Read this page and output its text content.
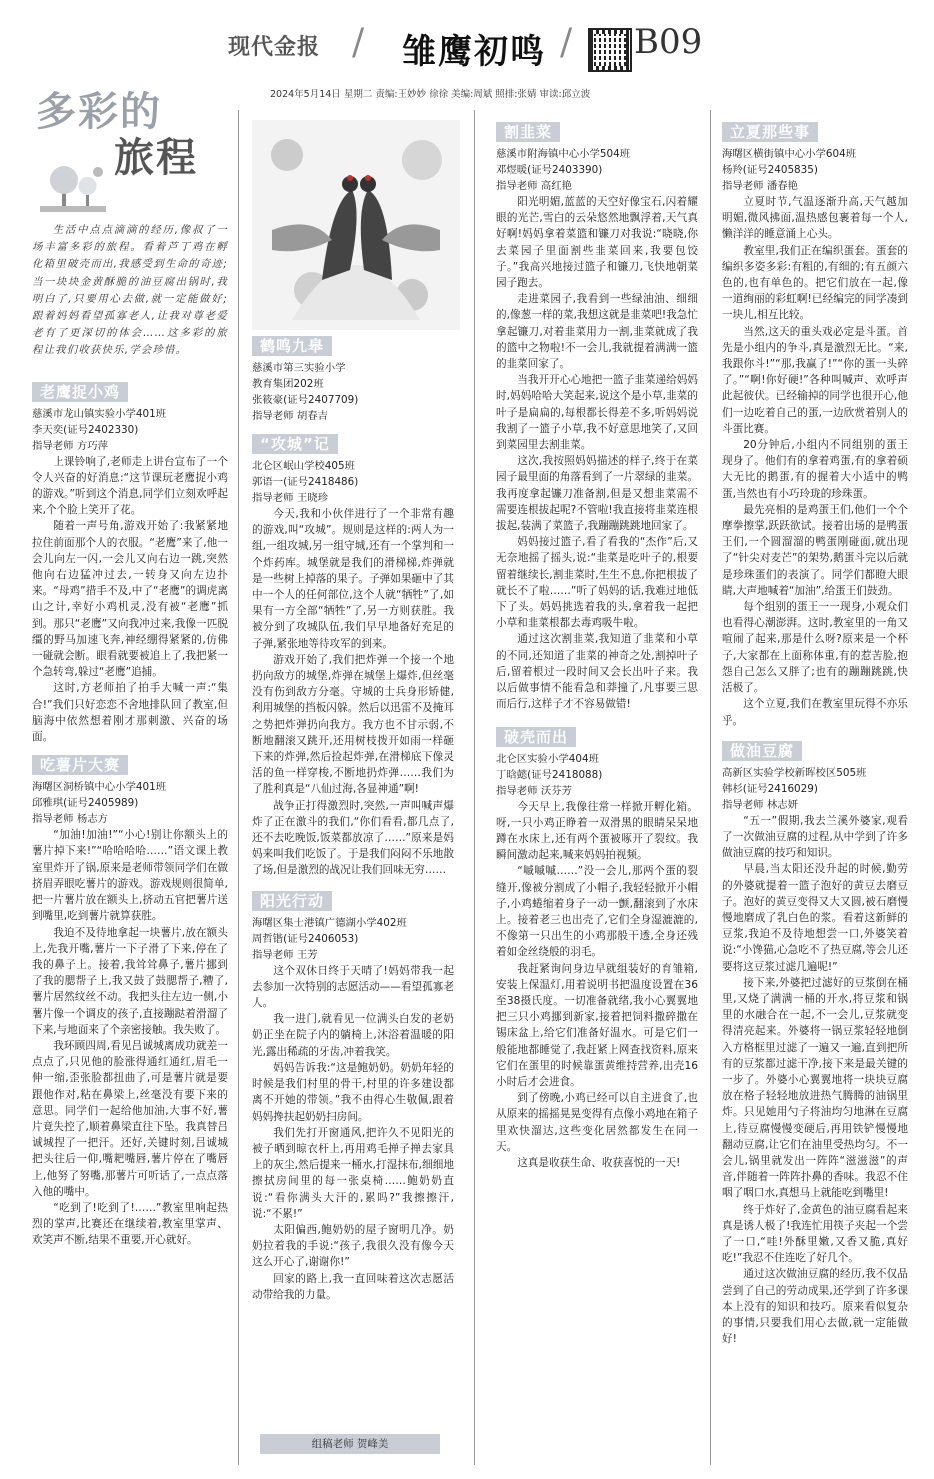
现代金报 / 雏鹰初鸣 / B09
2024年5月14日 星期二 责编:王妙妙 徐徐 美编:周斌 照排:张婧 审读:邱立波
多彩的
旅程
生活中点点滴滴的经历,像叔了一场丰富多彩的旅程。看着芦丁鸡在孵化箱里破壳而出,我感受到生命的奇迹;当一块块金黄酥脆的油豆腐出锅时,我明白了,只要用心去做,就一定能做好;跟着妈妈看望孤寡老人,让我对尊老爱老有了更深切的体会……这多彩的旅程让我们收获快乐,学会珍惜。
老鹰捉小鸡
慈溪市龙山镇实验小学401班
李天奕(证号2402330)
指导老师 方巧萍

上课铃响了,老师走上讲台宣布了一个令人兴奋的好消息:“这节课玩老鹰捉小鸡的游戏。”听到这个消息,同学们立刻欢呼起来,个个脸上笑开了花。

随着一声号角,游戏开始了:我紧紧地拉住前面那个人的衣服。“老鹰”来了,他一会儿向左一闪,一会儿又向右边一跳,突然他向右边猛冲过去,一转身又向左边扑来。“母鸡”措手不及,中了“老鹰”的调虎离山之计,幸好小鸡机灵,没有被“老鹰”抓到。那只“老鹰”又向我冲过来,我像一匹脱缰的野马加速飞奔,神经绷得紧紧的,仿佛一碰就会断。眼看就要被追上了,我把紧一个急转弯,躲过“老鹰”追捕。

这时,方老师拍了拍手大喊一声:“集合!”我们只好恋恋不舍地排队回了教室,但脑海中依然想着刚才那刺激、兴奋的场面。

吃薯片大赛
海曙区洞桥镇中心小学401班
邱雅琪(证号2405989)
指导老师 杨志方

“加油!加油!”“小心!别让你额头上的薯片掉下来!”“哈哈哈哈……”语文课上教室里炸开了锅,原来是老师带领同学们在做挤眉弄眼吃薯片的游戏。游戏规则很简单,把一片薯片放在额头上,挤动五官把薯片送到嘴里,吃到薯片就算获胜。

我迫不及待地拿起一块薯片,放在额头上,先我开嘴,薯片一下子滑了下来,停在了我的鼻子上。接着,我耸耸鼻子,薯片挪到了我的腮帮子上,我又鼓了鼓腮帮子,糟了,薯片居然纹丝不动。我把头往左边一侧,小薯片像一个调皮的孩子,直接蹦跶着滑溜了下来,与地面来了个亲密接触。我失败了。

我环顾四周,看见吕诚城离成功就差一点点了,只见他的脸涨得通红通红,眉毛一伸一缩,歪张脸都扭曲了,可是薯片就是要跟他作对,粘在鼻梁上,丝毫没有要下来的意思。同学们一起给他加油,大事不好,薯片竟失控了,顺着鼻梁直往下坠。我真替吕诚城捏了一把汗。还好,关键时刻,吕诚城把头往后一仰,嘴耙嘴唇,薯片停在了嘴唇上,他努了努嘴,那薯片可听话了,一点点落入他的嘴中。

“吃到了!吃到了!……”教室里响起热烈的掌声,比赛还在继续着,教室里掌声、欢笑声不断,结果不重要,开心就好。

鹤鸣九皋
慈溪市第三实验小学
教育集团202班
张筱豪(证号2407709)
指导老师 胡春吉
“攻城”记
北仑区岷山学校405班
郭语一(证号2418486)
指导老师 王晓珍

今天,我和小伙伴进行了一个非常有趣的游戏,叫“攻城”。规则是这样的:两人为一组,一组攻城,另一组守城,还有一个掌判和一个炸药库。城堡就是我们的滑梯梯,炸弹就是一些树上掉落的果子。子弹如果砸中了其中一个人的任何部位,这个人就“牺牲”了,如果有一方全部“牺牲”了,另一方则获胜。我被分到了攻城队伍,我们早早地备好充足的子弹,紧张地等待攻军的到来。

游戏开始了,我们把炸弹一个接一个地扔向敌方的城堡,炸弹在城堡上爆炸,但丝毫没有伤到敌方分毫。守城的士兵身形矫健,利用城堡的挡板闪躲。然后以迅雷不及掩耳之势把炸弹扔向我方。我方也不甘示弱,不断地翻滚又跳开,还用树枝拨开如雨一样砸下来的炸弹,然后捡起炸弹,在滑梯底下像灵活的鱼一样穿梭,不断地扔炸弹……我们为了胜利真是“八仙过海,各显神通”啊!

战争正打得激烈时,突然,一声叫喊声爆炸了正在激斗的我们,“你们看看,都几点了,还不去吃晚饭,饭菜都放凉了……”原来是妈妈来叫我们吃饭了。于是我们闷闷不乐地散了场,但是激烈的战况让我们回味无穷……

阳光行动
海曙区集士港镇广德湖小学402班
周哲锴(证号2406053)
指导老师 王芳

这个双休日终于天晴了!妈妈带我一起去参加一次特别的志愿活动——看望孤寡老人。

我一进门,就看见一位满头白发的老奶奶正坐在院子内的躺椅上,沐浴着温暖的阳光,露出稀疏的牙齿,冲着我笑。

妈妈告诉我:“这是鲍奶奶。奶奶年轻的时候是我们村里的骨干,村里的许多建设都离不开她的带领。”我不由得心生敬佩,跟着妈妈搀扶起奶奶扫房间。

我们先打开窗通风,把许久不见阳光的被子晒到晾衣杆上,再用鸡毛掸子掸去家具上的灰尘,然后提来一桶水,打湿抹布,细细地擦拭房间里的每一张桌椅……鲍奶奶直说:“看你满头大汗的,累吗?”我擦擦汗,说:“不累!”

太阳偏西,鲍奶奶的屋子窗明几净。奶奶拉着我的手说:“孩子,我很久没有像今天这么开心了,谢谢你!”

回家的路上,我一直回味着这次志愿活动带给我的力量。

组稿老师 贺峰美
割韭菜
慈溪市附海镇中心小学504班
邓煜暖(证号2403390)
指导老师 高红艳

阳光明媚,蓝蓝的天空好像宝石,闪着耀眼的光芒,雪白的云朵悠然地飘浮着,天气真好啊!妈妈拿着菜篮和镰刀对我说:“晓晓,你去菜园子里面割些韭菜回来,我要包饺子。”我高兴地接过篮子和镰刀,飞快地朝菜园子跑去。

走进菜园子,我看到一些绿油油、细细的,像葱一样的菜,我想这就是韭菜吧!我急忙拿起镰刀,对着韭菜用力一割,韭菜就成了我的篮中之物啦!不一会儿,我就提着满满一篮的韭菜回家了。

当我开开心心地把一篮子韭菜递给妈妈时,妈妈哈哈大笑起来,说这个是小草,韭菜的叶子是扁扁的,每根都长得差不多,听妈妈说我割了一篮子小草,我不好意思地笑了,又回到菜园里去割韭菜。

这次,我按照妈妈描述的样子,终于在菜园子最里面的角落看到了一片翠绿的韭菜。我再度拿起镰刀准备割,但是又想韭菜需不需要连根拔起呢?不管啦!我直接将韭菜连根拔起,装满了菜篮子,我蹦蹦跳跳地回家了。

妈妈接过篮子,看了看我的“杰作”后,又无奈地摇了摇头,说:“韭菜是吃叶子的,根要留着继续长,割韭菜时,生生不息,你把根拔了就长不了啦……”听了妈妈的话,我难过地低下了头。妈妈挑选着我的头,拿着我一起把小草和韭菜根都去毒鸡吸牛啦。

通过这次割韭菜,我知道了韭菜和小草的不同,还知道了韭菜的神奇之处,割掉叶子后,留着根过一段时间又会长出叶子来。我以后做事情不能看急和莽撞了,凡事要三思而后行,这样子才不容易做错!

破壳而出
北仑区实验小学404班
丁晗懿(证号2418088)
指导老师 沃芬芳

今天早上,我像往常一样掀开孵化箱。呀,一只小鸡正睁着一双滑黑的眼睛呆呆地蹲在水床上,还有两个蛋被啄开了裂纹。我瞬间激动起来,喊来妈妈拍视频。

“嘁嘁嘁……”没一会儿,那两个蛋的裂缝开,像被分割成了小帽子,我轻轻掀开小帽子,小鸡蜷缩着身子一动一颤,翻滚到了水床上。接着老三也出壳了,它们全身湿漉漉的,不像第一只出生的小鸡那般干透,全身还残着如金丝绕般的羽毛。

我赶紧询问身边早就组装好的育雏箱,安装上保温灯,用着说明书把温度设置在36至38摄氏度。一切准备就绪,我小心翼翼地把三只小鸡挪到新家,接着把饲料撒碎撒在锡床盆上,给它们准备好温水。可是它们一般能地都睡觉了,我赶紧上网查找资料,原来它们在蛋里的时候靠蛋黄维持营养,出壳16小时后才会进食。

到了傍晚,小鸡已经可以自主进食了,也从原来的摇摇晃晃变得有点像小鸡地在箱子里欢快溜达,这些变化居然都发生在同一天。

这真是收获生命、收获喜悦的一天!

立夏那些事
海曙区横街镇中心小学604班
杨羚(证号2405835)
指导老师 潘春艳

立夏时节,气温逐渐升高,天气越加明媚,微风拂面,温热感包裹着每一个人,懒洋洋的睡意涌上心头。

教室里,我们正在编织蛋套。蛋套的编织多姿多彩:有粗的,有细的;有五颜六色的,也有单色的。把它们放在一起,像一道绚丽的彩虹啊!已经编完的同学凑到一块儿,相互比较。

当然,这天的重头戏必定是斗蛋。首先是小组内的争斗,真是激烈无比。“来,我跟你斗!”“那,我赢了!”“你的蛋一头碎了。”“啊!你好硬!”各种叫喊声、欢呼声此起彼伏。已经输掉的同学也很开心,他们一边吃着自己的蛋,一边欣赏着别人的斗蛋比赛。

20分钟后,小组内不同组别的蛋王现身了。他们有的拿着鸡蛋,有的拿着硕大无比的鹅蛋,有的握着大小适中的鸭蛋,当然也有小巧玲珑的珍珠蛋。

最先亮相的是鸡蛋王们,他们一个个摩拳擦掌,跃跃欲试。接着出场的是鸭蛋王们,一个圆溜溜的鸭蛋刚碰面,就出现了“针尖对麦芒”的架势,鹅蛋斗完以后就是珍珠蛋们的表演了。同学们都瞪大眼睛,大声地喊着“加油”,给蛋王们鼓劲。

每个组别的蛋王一一现身,小观众们也看得心潮澎湃。这时,教室里的一角又喧闹了起来,那是什么呀?原来是一个杯子,大家都在上面称体重,有的惹苦脸,抱怨自己怎么又胖了;也有的蹦蹦跳跳,快活极了。

这个立夏,我们在教室里玩得不亦乐乎。

做油豆腐
高新区实验学校新晖校区505班
韩杉(证号2416029)
指导老师 林志妍

“五一”假期,我去兰溪外婆家,观看了一次做油豆腐的过程,从中学到了许多做油豆腐的技巧和知识。

早晨,当太阳还没升起的时候,勤劳的外婆就提着一篮子泡好的黄豆去磨豆子。泡好的黄豆变得又大又圆,被石磨慢慢地磨成了乳白色的浆。看着这新鲜的豆浆,我迫不及待地想尝一口,外婆笑着说:“小馋猫,心急吃不了热豆腐,等会儿还要将这豆浆过滤几遍呢!”

接下来,外婆把过滤好的豆浆倒在桶里,又烧了满满一桶的开水,将豆浆和锅里的水融合在一起,不一会儿,豆浆就变得清亮起来。外婆将一锅豆浆轻轻地倒入方格框里过滤了一遍又一遍,直到把所有的豆浆都过滤干净,接下来是最关键的一步了。外婆小心翼翼地将一块块豆腐放在格子轻轻地放进热气腾腾的油锅里炸。只见她用勺子将油均匀地淋在豆腐上,待豆腐慢慢变硬后,再用铁铲慢慢地翻动豆腐,让它们在油里受热均匀。不一会儿,锅里就发出一阵阵“滋滋滋”的声音,伴随着一阵阵扑鼻的香味。我忍不住咽了咽口水,真想马上就能吃到嘴里!

终于炸好了,金黄色的油豆腐看起来真是诱人极了!我连忙用筷子夹起一个尝了一口,“哇!外酥里嫩,又香又脆,真好吃!”我忍不住连吃了好几个。

通过这次做油豆腐的经历,我不仅品尝到了自己的劳动成果,还学到了许多课本上没有的知识和技巧。原来看似复杂的事情,只要我们用心去做,就一定能做好!
